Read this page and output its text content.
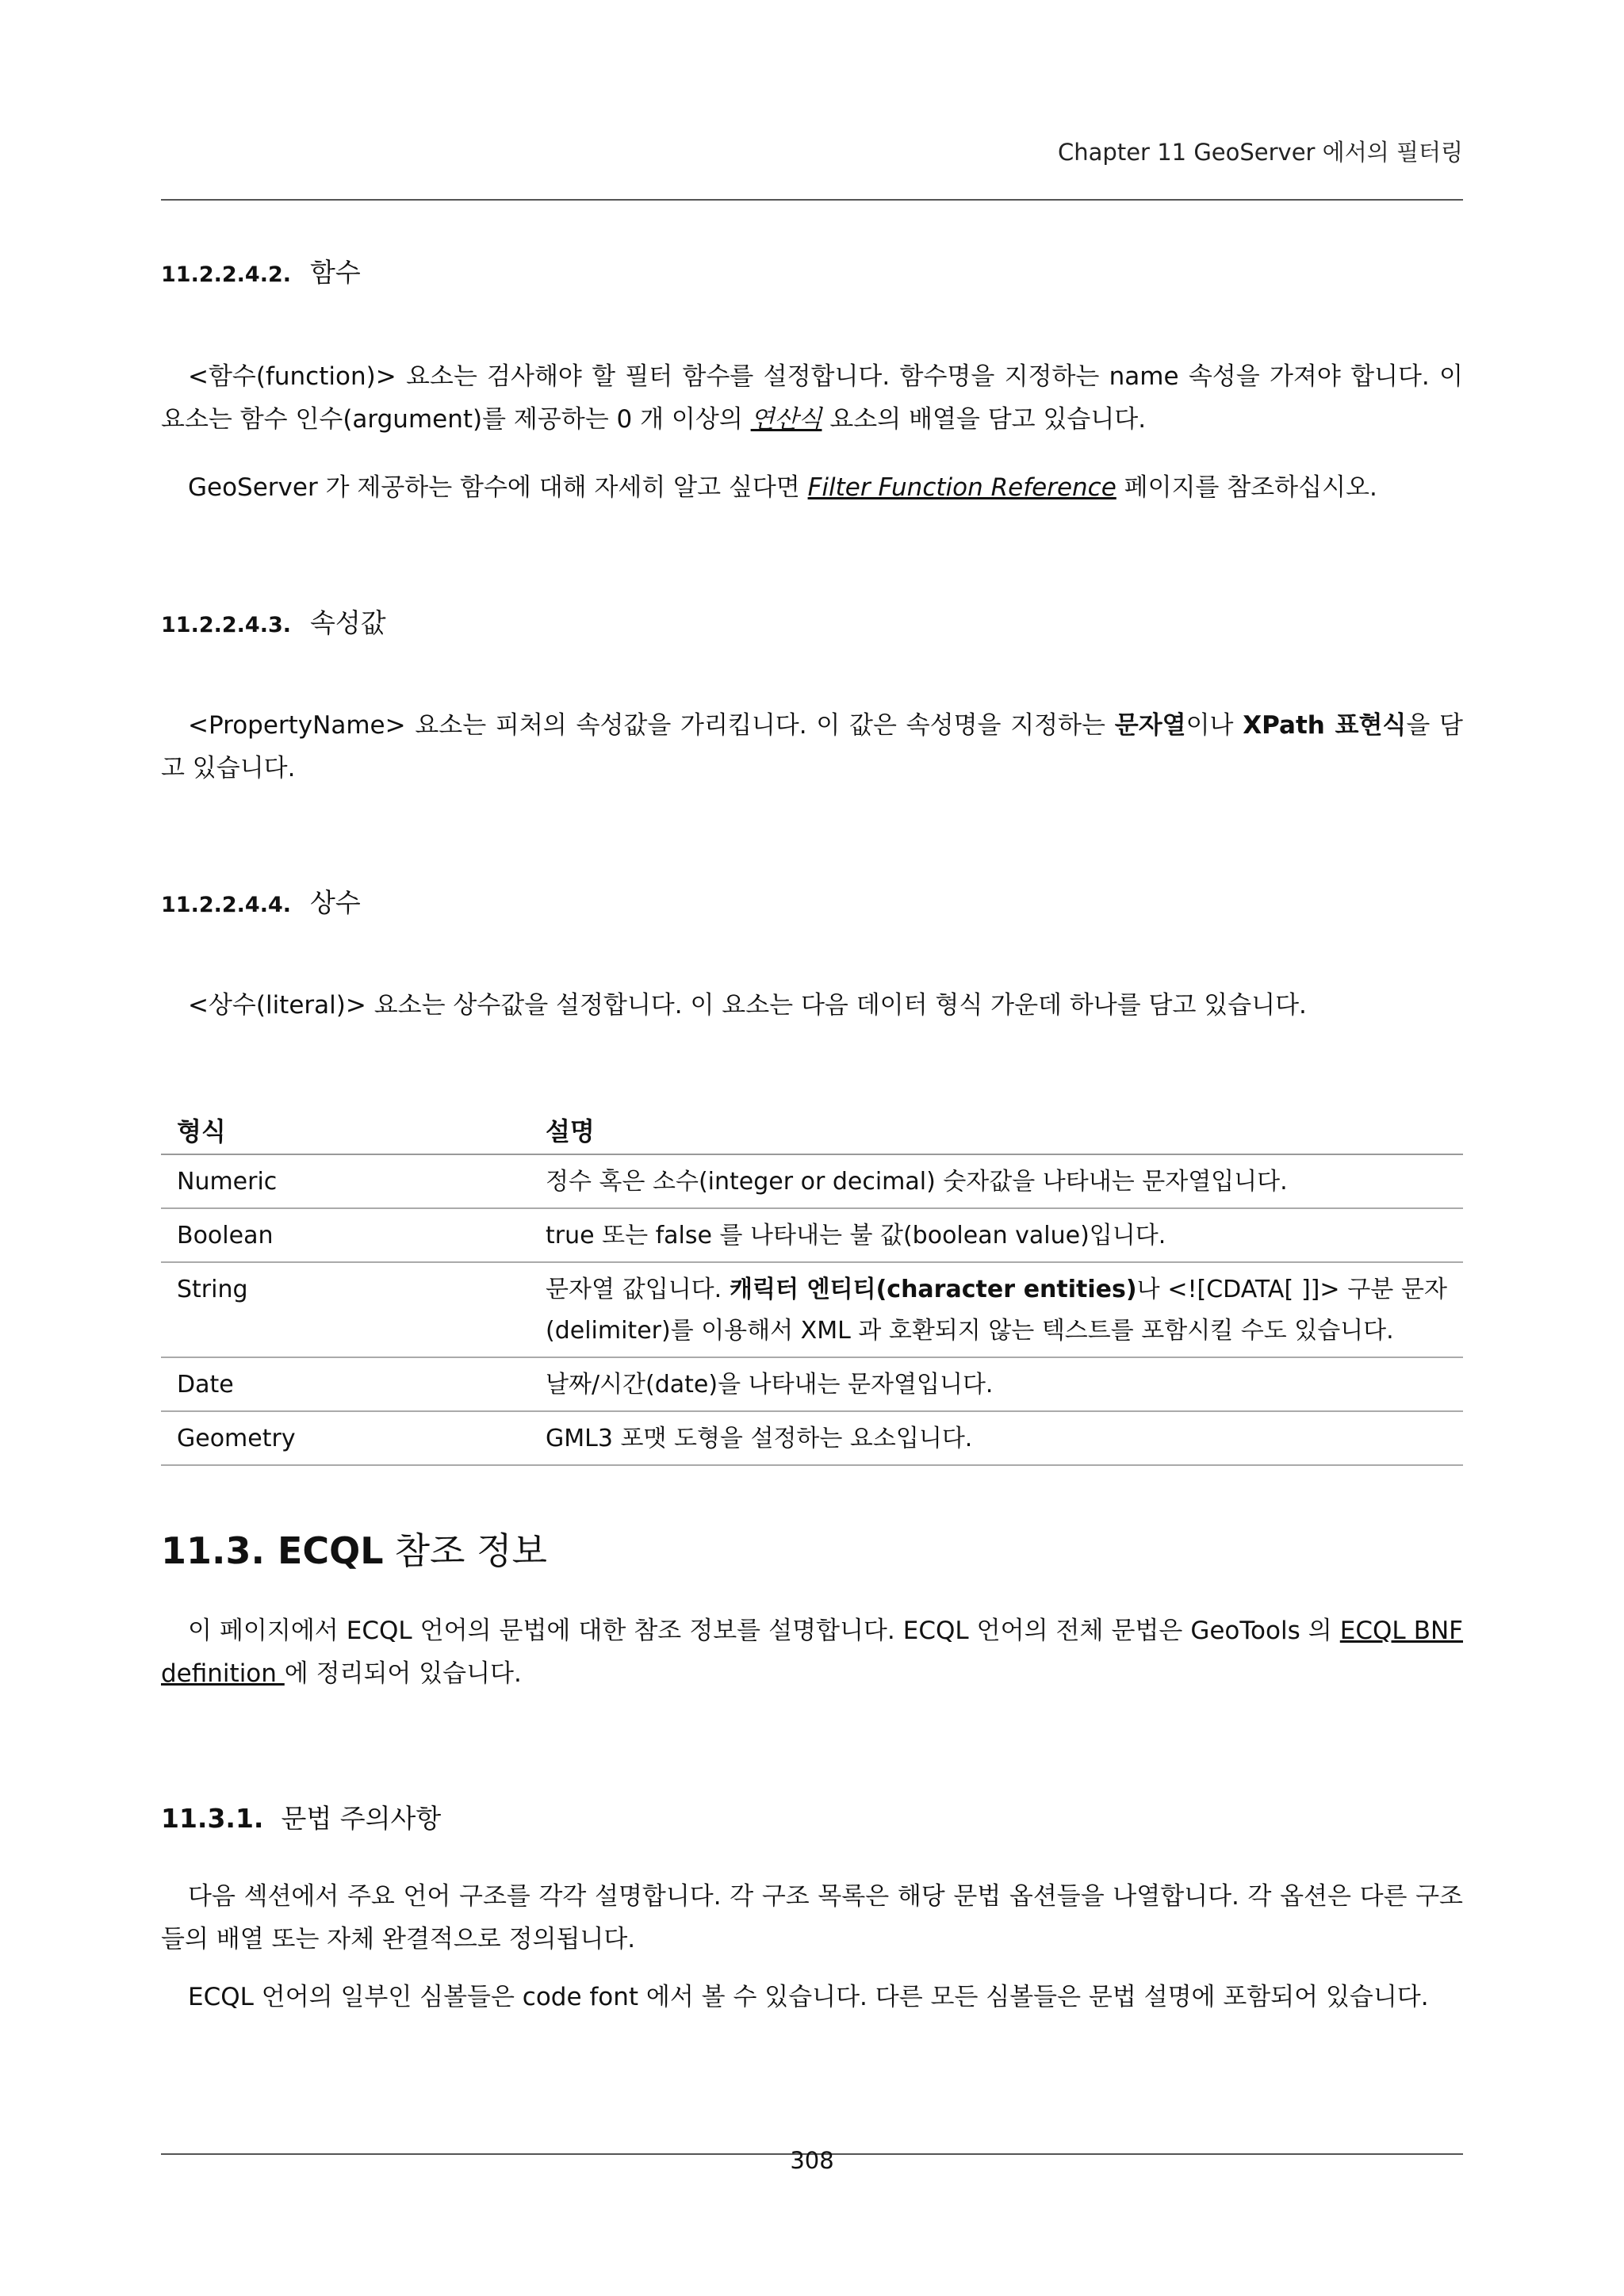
Chapter 11 GeoServer 에서의 필터링
11.2.2.4.2. 함수
<함수(function)> 요소는 검사해야 할 필터 함수를 설정합니다. 함수명을 지정하는 name 속성을 가져야 합니다. 이 요소는 함수 인수(argument)를 제공하는 0 개 이상의 연산식 요소의 배열을 담고 있습니다.
GeoServer 가 제공하는 함수에 대해 자세히 알고 싶다면 Filter Function Reference 페이지를 참조하십시오.
11.2.2.4.3. 속성값
<PropertyName> 요소는 피처의 속성값을 가리킵니다. 이 값은 속성명을 지정하는 문자열이나 XPath 표현식을 담고 있습니다.
11.2.2.4.4. 상수
<상수(literal)> 요소는 상수값을 설정합니다. 이 요소는 다음 데이터 형식 가운데 하나를 담고 있습니다.
형식	설명
Numeric	정수 혹은 소수(integer or decimal) 숫자값을 나타내는 문자열입니다.
Boolean	true 또는 false 를 나타내는 불 값(boolean value)입니다.
String	문자열 값입니다. 캐릭터 엔티티(character entities)나 <![CDATA[ ]]> 구분 문자(delimiter)를 이용해서 XML 과 호환되지 않는 텍스트를 포함시킬 수도 있습니다.
Date	날짜/시간(date)을 나타내는 문자열입니다.
Geometry	GML3 포맷 도형을 설정하는 요소입니다.
11.3. ECQL 참조 정보
이 페이지에서 ECQL 언어의 문법에 대한 참조 정보를 설명합니다. ECQL 언어의 전체 문법은 GeoTools 의 ECQL BNF definition 에 정리되어 있습니다.
11.3.1. 문법 주의사항
다음 섹션에서 주요 언어 구조를 각각 설명합니다. 각 구조 목록은 해당 문법 옵션들을 나열합니다. 각 옵션은 다른 구조들의 배열 또는 자체 완결적으로 정의됩니다.
ECQL 언어의 일부인 심볼들은 code font 에서 볼 수 있습니다. 다른 모든 심볼들은 문법 설명에 포함되어 있습니다.
308
